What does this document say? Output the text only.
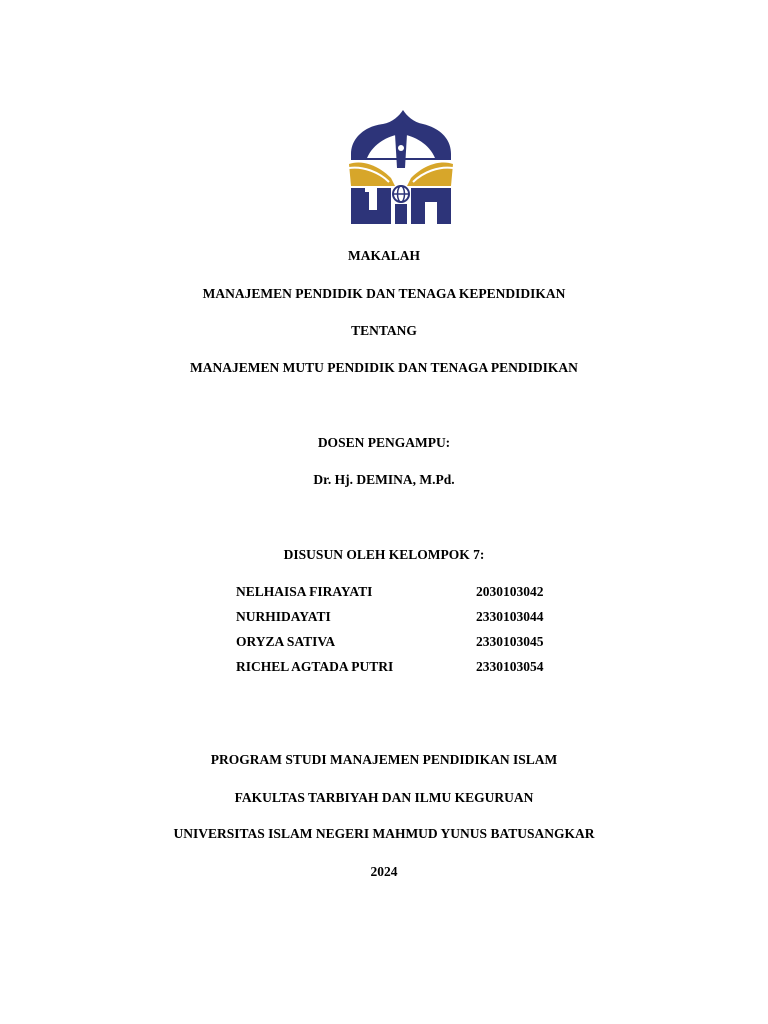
MAKALAH
MANAJEMEN PENDIDIK DAN TENAGA KEPENDIDIKAN
TENTANG
MANAJEMEN MUTU PENDIDIK DAN TENAGA PENDIDIKAN
DOSEN PENGAMPU:
Dr. Hj. DEMINA, M.Pd.
DISUSUN OLEH KELOMPOK 7:
NELHAISA FIRAYATI	2030103042
NURHIDAYATI	2330103044
ORYZA SATIVA	2330103045
RICHEL AGTADA PUTRI	2330103054
PROGRAM STUDI MANAJEMEN PENDIDIKAN ISLAM
FAKULTAS TARBIYAH DAN ILMU KEGURUAN
UNIVERSITAS ISLAM NEGERI MAHMUD YUNUS BATUSANGKAR
2024
